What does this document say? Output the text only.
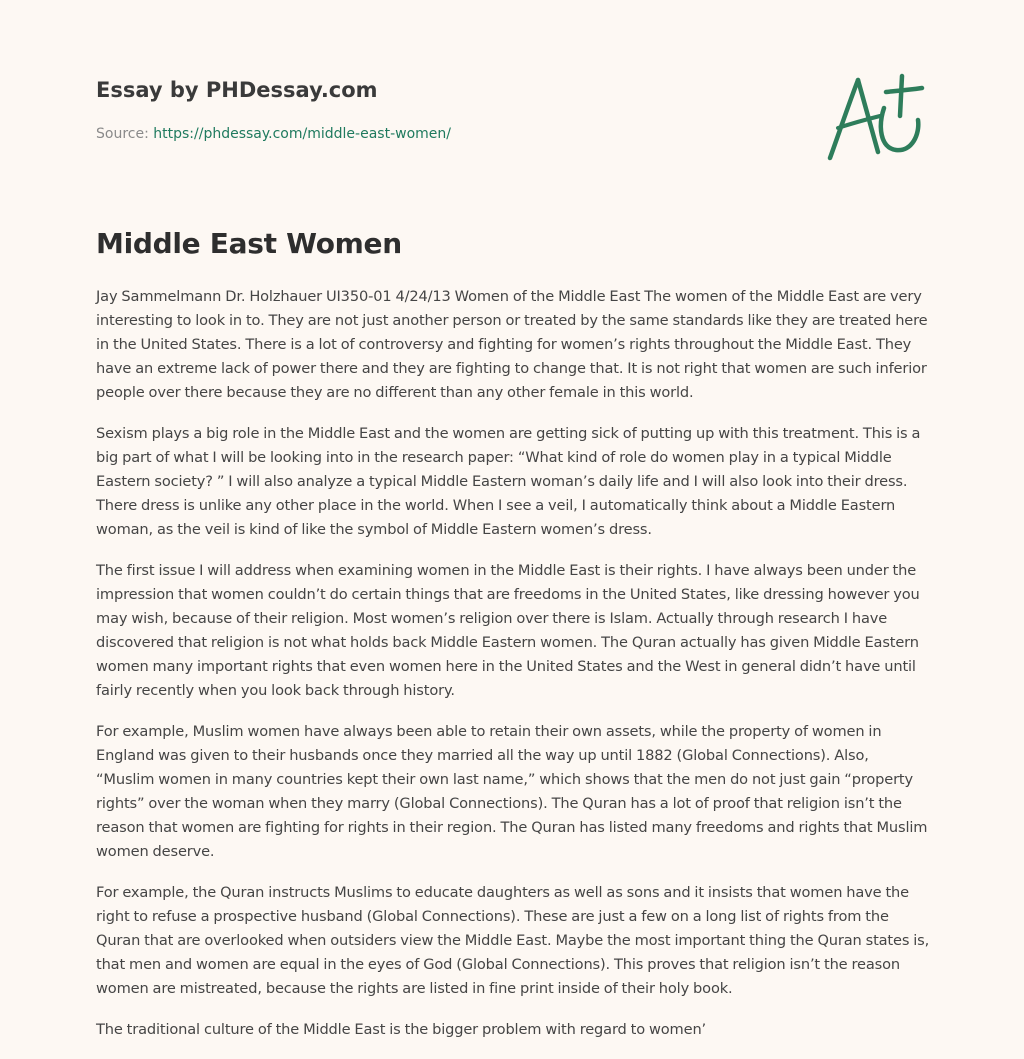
Essay by PHDessay.com
Source: https://phdessay.com/middle-east-women/
Middle East Women

Jay Sammelmann Dr. Holzhauer UI350-01 4/24/13 Women of the Middle East The women of the Middle East are very interesting to look in to. They are not just another person or treated by the same standards like they are treated here in the United States. There is a lot of controversy and fighting for women’s rights throughout the Middle East. They have an extreme lack of power there and they are fighting to change that. It is not right that women are such inferior people over there because they are no different than any other female in this world.

Sexism plays a big role in the Middle East and the women are getting sick of putting up with this treatment. This is a big part of what I will be looking into in the research paper: “What kind of role do women play in a typical Middle Eastern society? ” I will also analyze a typical Middle Eastern woman’s daily life and I will also look into their dress. There dress is unlike any other place in the world. When I see a veil, I automatically think about a Middle Eastern woman, as the veil is kind of like the symbol of Middle Eastern women’s dress.

The first issue I will address when examining women in the Middle East is their rights. I have always been under the impression that women couldn’t do certain things that are freedoms in the United States, like dressing however you may wish, because of their religion. Most women’s religion over there is Islam. Actually through research I have discovered that religion is not what holds back Middle Eastern women. The Quran actually has given Middle Eastern women many important rights that even women here in the United States and the West in general didn’t have until fairly recently when you look back through history.

For example, Muslim women have always been able to retain their own assets, while the property of women in England was given to their husbands once they married all the way up until 1882 (Global Connections). Also, “Muslim women in many countries kept their own last name,” which shows that the men do not just gain “property rights” over the woman when they marry (Global Connections). The Quran has a lot of proof that religion isn’t the reason that women are fighting for rights in their region. The Quran has listed many freedoms and rights that Muslim women deserve.

For example, the Quran instructs Muslims to educate daughters as well as sons and it insists that women have the right to refuse a prospective husband (Global Connections). These are just a few on a long list of rights from the Quran that are overlooked when outsiders view the Middle East. Maybe the most important thing the Quran states is, that men and women are equal in the eyes of God (Global Connections). This proves that religion isn’t the reason women are mistreated, because the rights are listed in fine print inside of their holy book.

The traditional culture of the Middle East is the bigger problem with regard to women’
